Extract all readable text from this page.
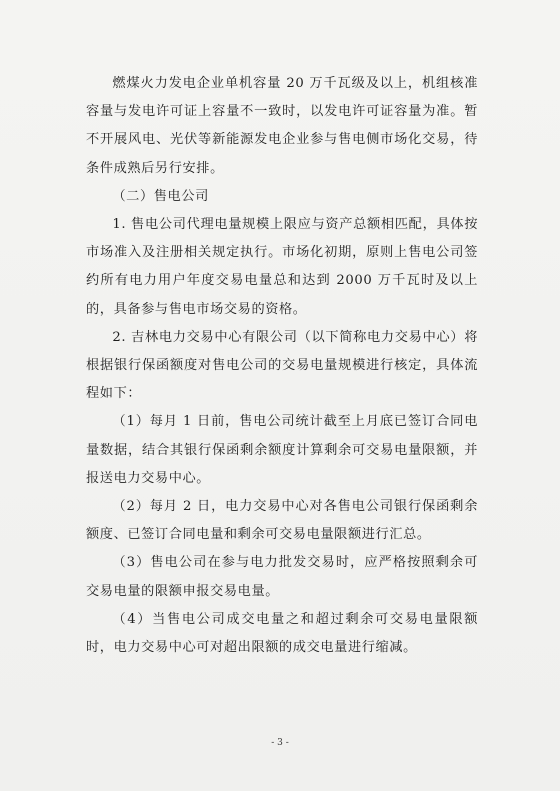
燃煤火力发电企业单机容量 20 万千瓦级及以上，机组核准容量与发电许可证上容量不一致时，以发电许可证容量为准。暂不开展风电、光伏等新能源发电企业参与售电侧市场化交易，待条件成熟后另行安排。

（二）售电公司

1. 售电公司代理电量规模上限应与资产总额相匹配，具体按市场准入及注册相关规定执行。市场化初期，原则上售电公司签约所有电力用户年度交易电量总和达到 2000 万千瓦时及以上的，具备参与售电市场交易的资格。

2. 吉林电力交易中心有限公司（以下简称电力交易中心）将根据银行保函额度对售电公司的交易电量规模进行核定，具体流程如下：

（1）每月 1 日前，售电公司统计截至上月底已签订合同电量数据，结合其银行保函剩余额度计算剩余可交易电量限额，并报送电力交易中心。

（2）每月 2 日，电力交易中心对各售电公司银行保函剩余额度、已签订合同电量和剩余可交易电量限额进行汇总。

（3）售电公司在参与电力批发交易时，应严格按照剩余可交易电量的限额申报交易电量。

（4）当售电公司成交电量之和超过剩余可交易电量限额时，电力交易中心可对超出限额的成交电量进行缩减。

- 3 -
